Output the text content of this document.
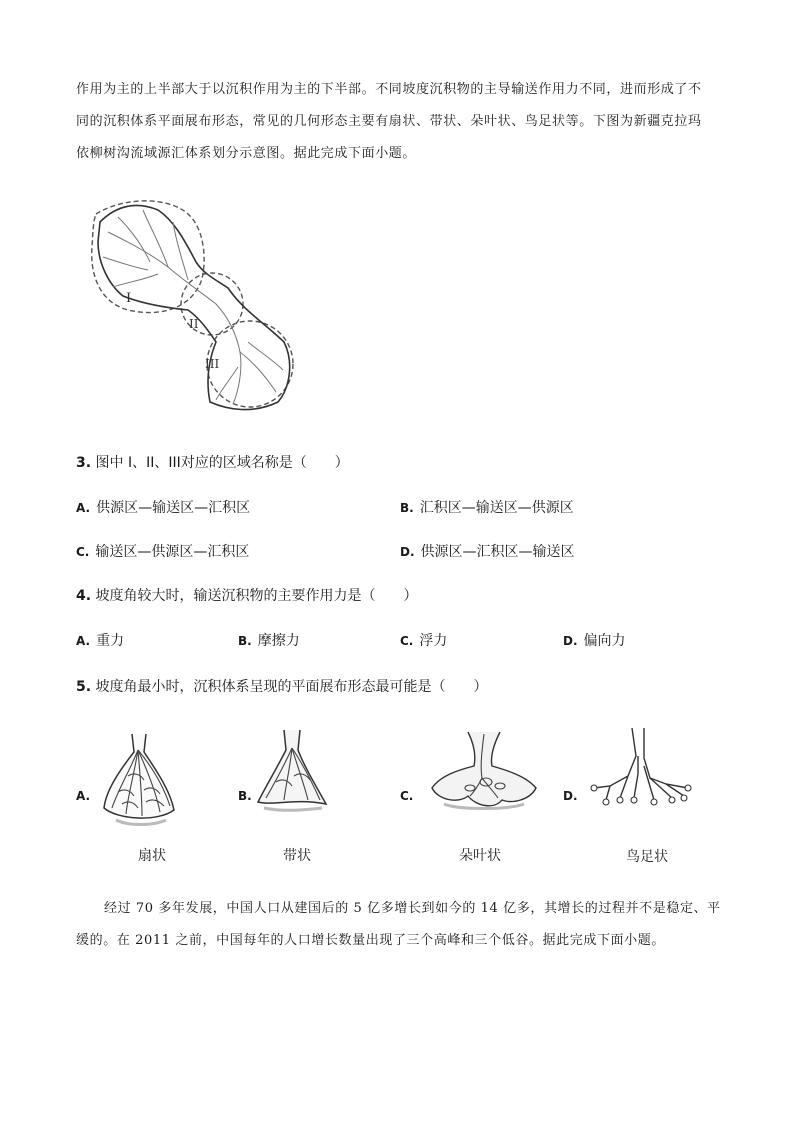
作用为主的上半部大于以沉积作用为主的下半部。不同坡度沉积物的主导输送作用力不同，进而形成了不

同的沉积体系平面展布形态，常见的几何形态主要有扇状、带状、朵叶状、鸟足状等。下图为新疆克拉玛

依柳树沟流域源汇体系划分示意图。据此完成下面小题。

I
II
III
3. 图中 I、II、III对应的区域名称是（　　）
A. 供源区—输送区—汇积区	B. 汇积区—输送区—供源区
C. 输送区—供源区—汇积区	D. 供源区—汇积区—输送区
4. 坡度角较大时，输送沉积物的主要作用力是（　　）
A. 重力	B. 摩擦力	C. 浮力	D. 偏向力
5. 坡度角最小时，沉积体系呈现的平面展布形态最可能是（　　）
A.	B.	C.	D.
扇状	带状	朵叶状	鸟足状

经过 70 多年发展，中国人口从建国后的 5 亿多增长到如今的 14 亿多，其增长的过程并不是稳定、平

缓的。在 2011 之前，中国每年的人口增长数量出现了三个高峰和三个低谷。据此完成下面小题。
